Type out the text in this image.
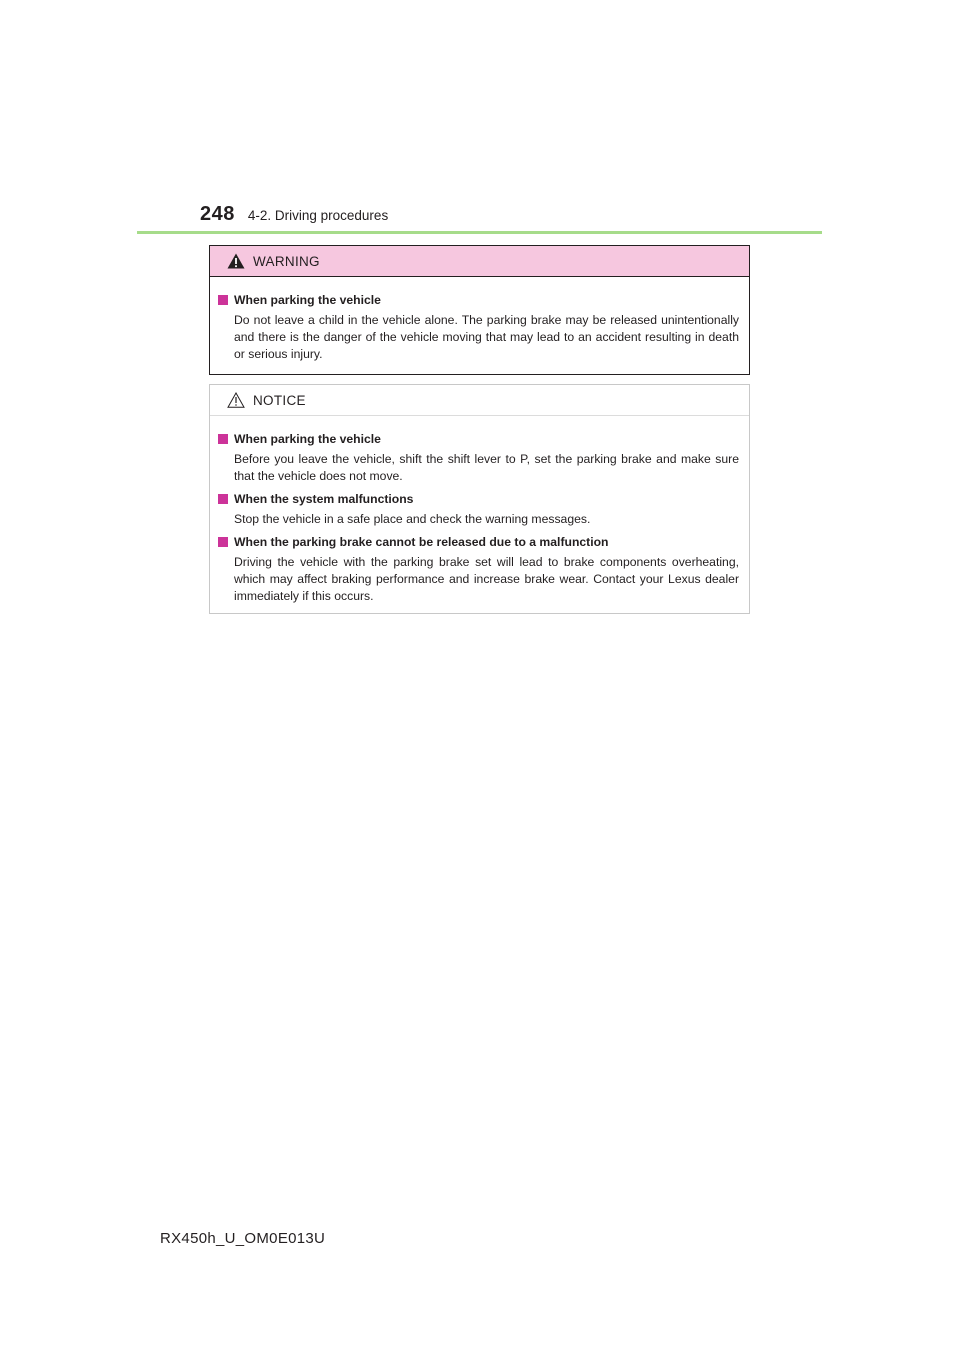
248 4-2. Driving procedures
WARNING
When parking the vehicle
Do not leave a child in the vehicle alone. The parking brake may be released unintentionally and there is the danger of the vehicle moving that may lead to an accident resulting in death or serious injury.
NOTICE
When parking the vehicle
Before you leave the vehicle, shift the shift lever to P, set the parking brake and make sure that the vehicle does not move.
When the system malfunctions
Stop the vehicle in a safe place and check the warning messages.
When the parking brake cannot be released due to a malfunction
Driving the vehicle with the parking brake set will lead to brake components overheating, which may affect braking performance and increase brake wear. Contact your Lexus dealer immediately if this occurs.
RX450h_U_OM0E013U
